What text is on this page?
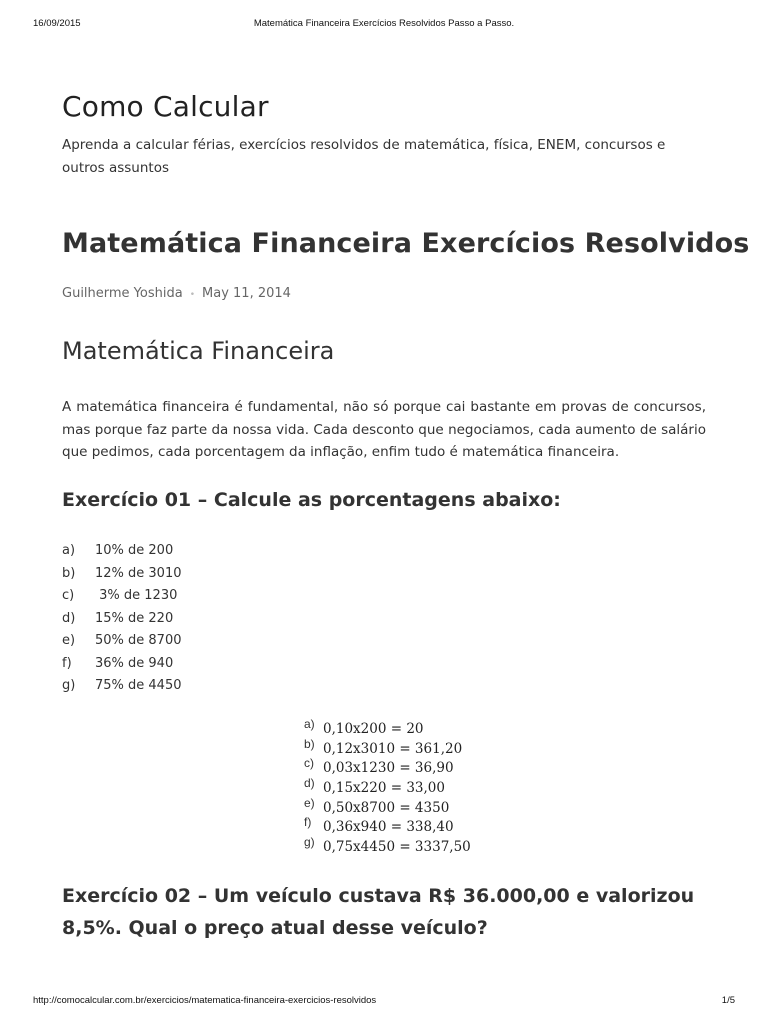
16/09/2015	Matemática Financeira Exercícios Resolvidos Passo a Passo.
Como Calcular

Aprenda a calcular férias, exercícios resolvidos de matemática, física, ENEM, concursos e outros assuntos

Matemática Financeira Exercícios Resolvidos
Guilherme Yoshida • May 11, 2014
Matemática Financeira

A matemática financeira é fundamental, não só porque cai bastante em provas de concursos, mas porque faz parte da nossa vida. Cada desconto que negociamos, cada aumento de salário que pedimos, cada porcentagem da inflação, enfim tudo é matemática financeira.

Exercício 01 – Calcule as porcentagens abaixo:
a) 10% de 200
b) 12% de 3010
c) 3% de 1230
d) 15% de 220
e) 50% de 8700
f) 36% de 940
g) 75% de 4450
a) 0,10x200 = 20
b) 0,12x3010 = 361,20
c) 0,03x1230 = 36,90
d) 0,15x220 = 33,00
e) 0,50x8700 = 4350
f) 0,36x940 = 338,40
g) 0,75x4450 = 3337,50
Exercício 02 – Um veículo custava R$ 36.000,00 e valorizou 8,5%. Qual o preço atual desse veículo?
http://comocalcular.com.br/exercicios/matematica-financeira-exercicios-resolvidos	1/5
